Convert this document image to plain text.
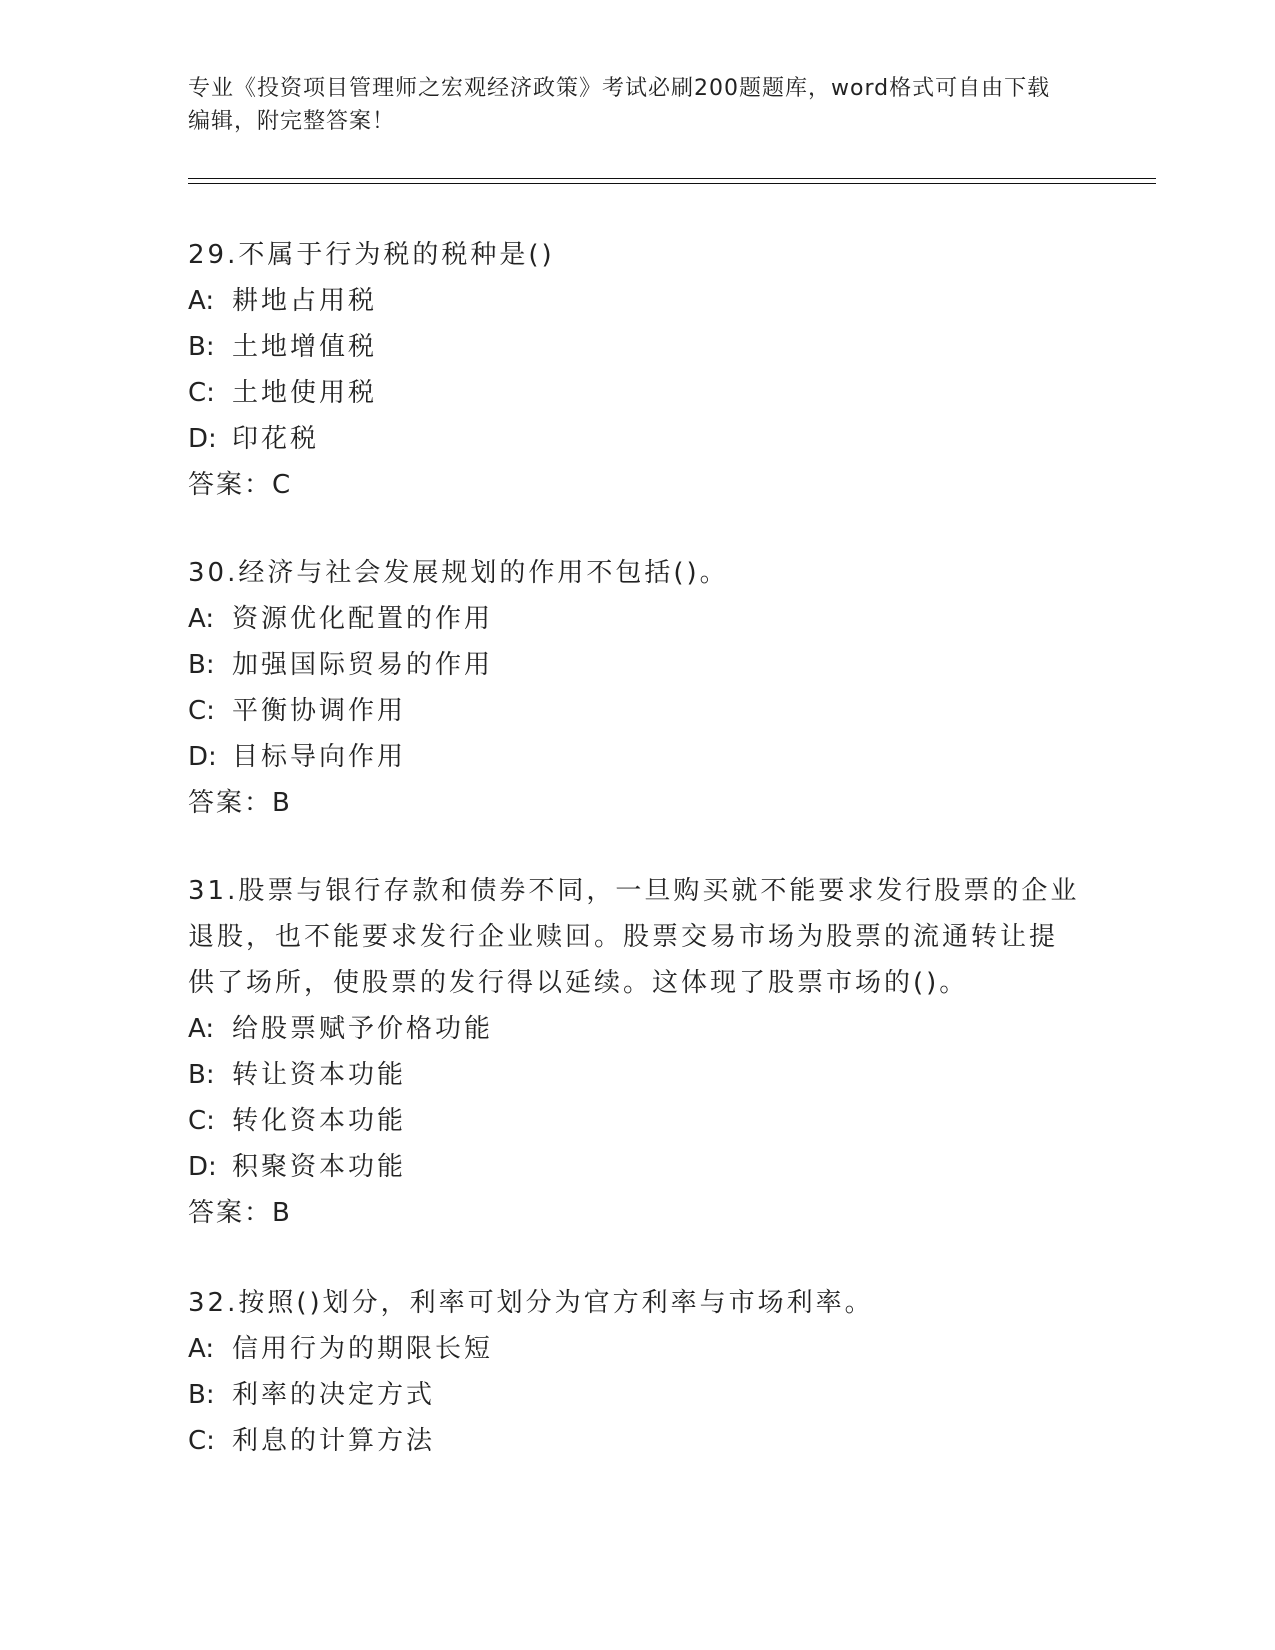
专业《投资项目管理师之宏观经济政策》考试必刷200题题库，word格式可自由下载编辑，附完整答案！
29.不属于行为税的税种是()
A: 耕地占用税
B: 土地增值税
C: 土地使用税
D: 印花税
答案：C
30.经济与社会发展规划的作用不包括()。
A: 资源优化配置的作用
B: 加强国际贸易的作用
C: 平衡协调作用
D: 目标导向作用
答案：B
31.股票与银行存款和债券不同，一旦购买就不能要求发行股票的企业
退股，也不能要求发行企业赎回。股票交易市场为股票的流通转让提
供了场所，使股票的发行得以延续。这体现了股票市场的()。
A: 给股票赋予价格功能
B: 转让资本功能
C: 转化资本功能
D: 积聚资本功能
答案：B
32.按照()划分，利率可划分为官方利率与市场利率。
A: 信用行为的期限长短
B: 利率的决定方式
C: 利息的计算方法
